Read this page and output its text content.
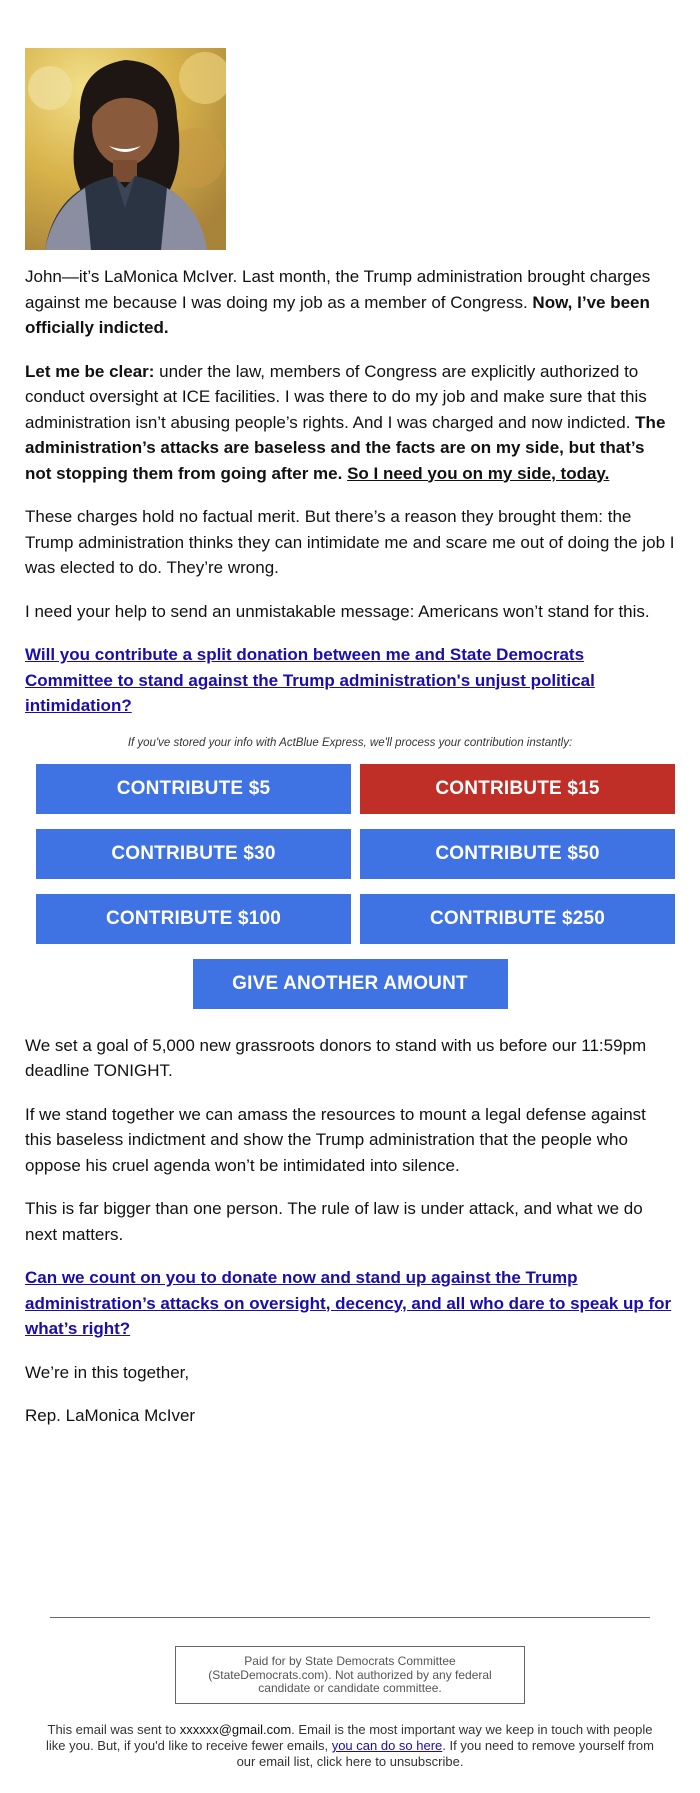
John—it’s LaMonica McIver. Last month, the Trump administration brought charges against me because I was doing my job as a member of Congress. Now, I’ve been officially indicted.

Let me be clear: under the law, members of Congress are explicitly authorized to conduct oversight at ICE facilities. I was there to do my job and make sure that this administration isn’t abusing people’s rights. And I was charged and now indicted. The administration’s attacks are baseless and the facts are on my side, but that’s not stopping them from going after me. So I need you on my side, today.

These charges hold no factual merit. But there’s a reason they brought them: the Trump administration thinks they can intimidate me and scare me out of doing the job I was elected to do. They’re wrong.

I need your help to send an unmistakable message: Americans won’t stand for this.

Will you contribute a split donation between me and State Democrats Committee to stand against the Trump administration's unjust political intimidation?
If you've stored your info with ActBlue Express, we'll process your contribution instantly:
CONTRIBUTE $5	CONTRIBUTE $15
CONTRIBUTE $30	CONTRIBUTE $50
CONTRIBUTE $100	CONTRIBUTE $250
GIVE ANOTHER AMOUNT

We set a goal of 5,000 new grassroots donors to stand with us before our 11:59pm deadline TONIGHT.

If we stand together we can amass the resources to mount a legal defense against this baseless indictment and show the Trump administration that the people who oppose his cruel agenda won’t be intimidated into silence.

This is far bigger than one person. The rule of law is under attack, and what we do next matters.

Can we count on you to donate now and stand up against the Trump administration’s attacks on oversight, decency, and all who dare to speak up for what’s right?

We’re in this together,

Rep. LaMonica McIver

Paid for by State Democrats Committee (StateDemocrats.com). Not authorized by any federal candidate or candidate committee.
This email was sent to xxxxxx@gmail.com. Email is the most important way we keep in touch with people like you. But, if you'd like to receive fewer emails, you can do so here. If you need to remove yourself from our email list, click here to unsubscribe.
